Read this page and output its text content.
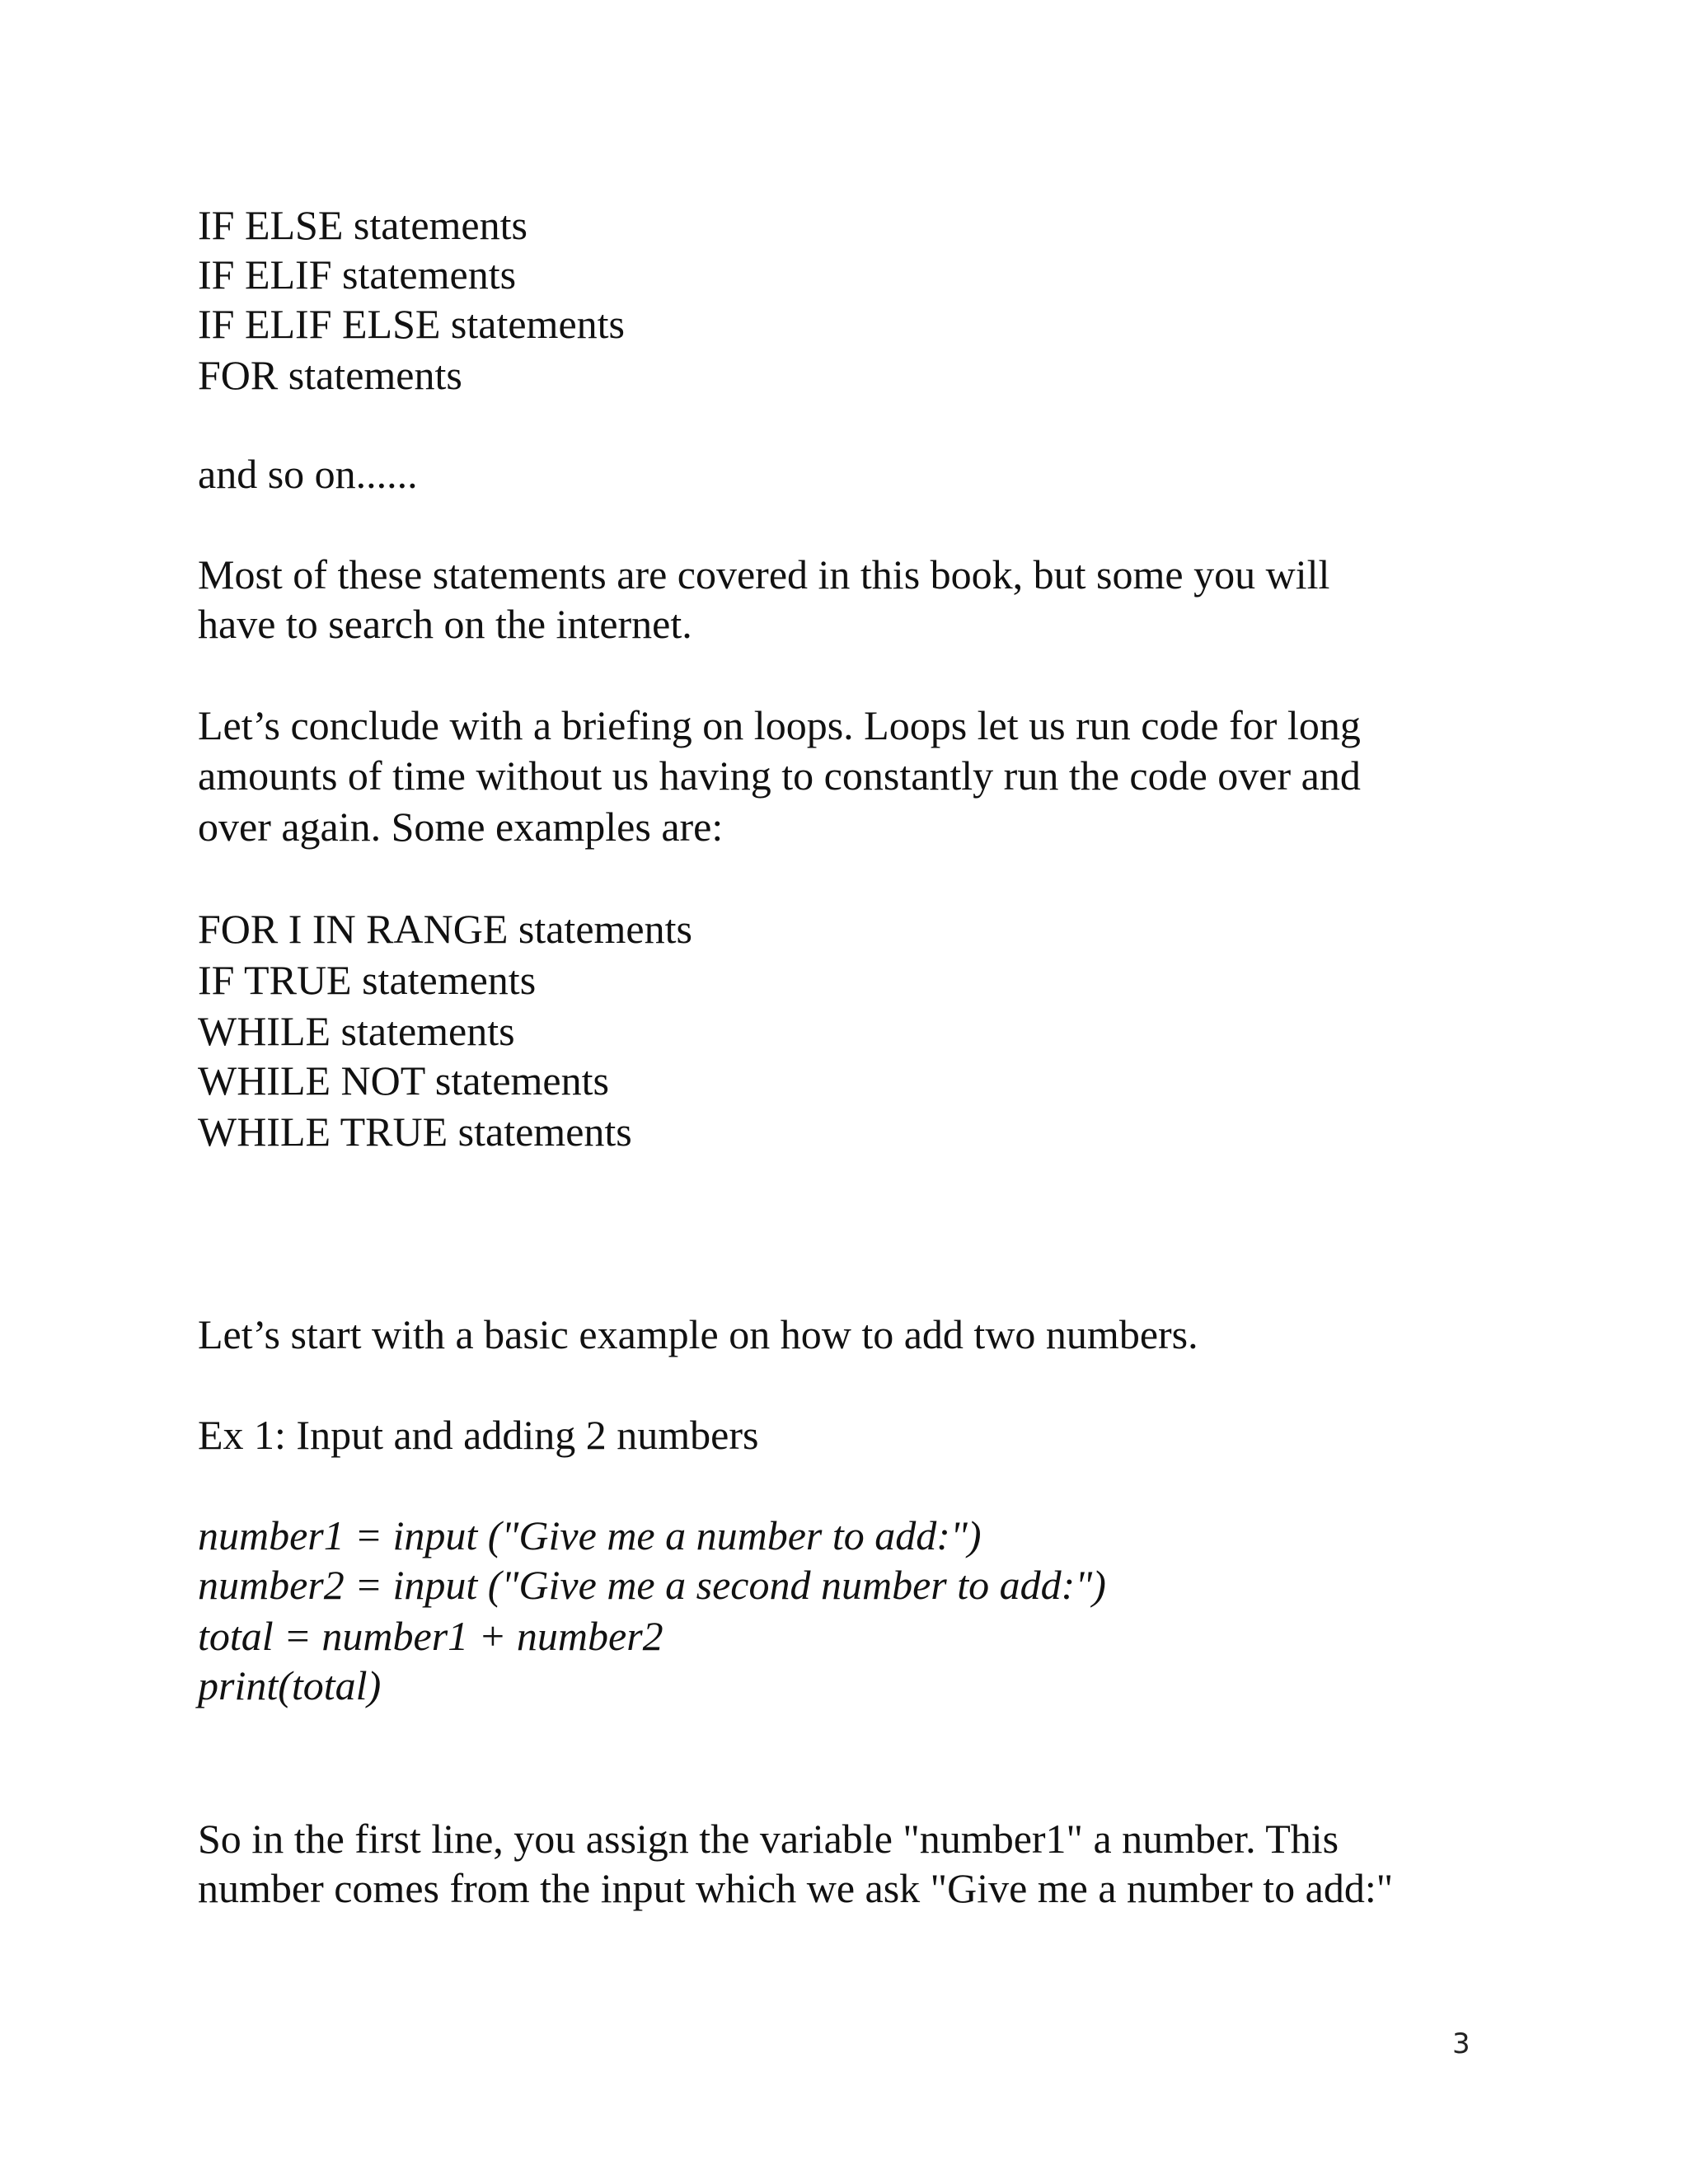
IF ELSE statements
IF ELIF statements
IF ELIF ELSE statements
FOR statements
and so on......
Most of these statements are covered in this book, but some you will
have to search on the internet.
Let’s conclude with a briefing on loops. Loops let us run code for long
amounts of time without us having to constantly run the code over and
over again. Some examples are:
FOR I IN RANGE statements
IF TRUE statements
WHILE statements
WHILE NOT statements
WHILE TRUE statements
Let’s start with a basic example on how to add two numbers.
Ex 1: Input and adding 2 numbers
number1 = input ("Give me a number to add:")
number2 = input ("Give me a second number to add:")
total = number1 + number2
print(total)
So in the first line, you assign the variable "number1" a number. This
number comes from the input which we ask "Give me a number to add:"
3
